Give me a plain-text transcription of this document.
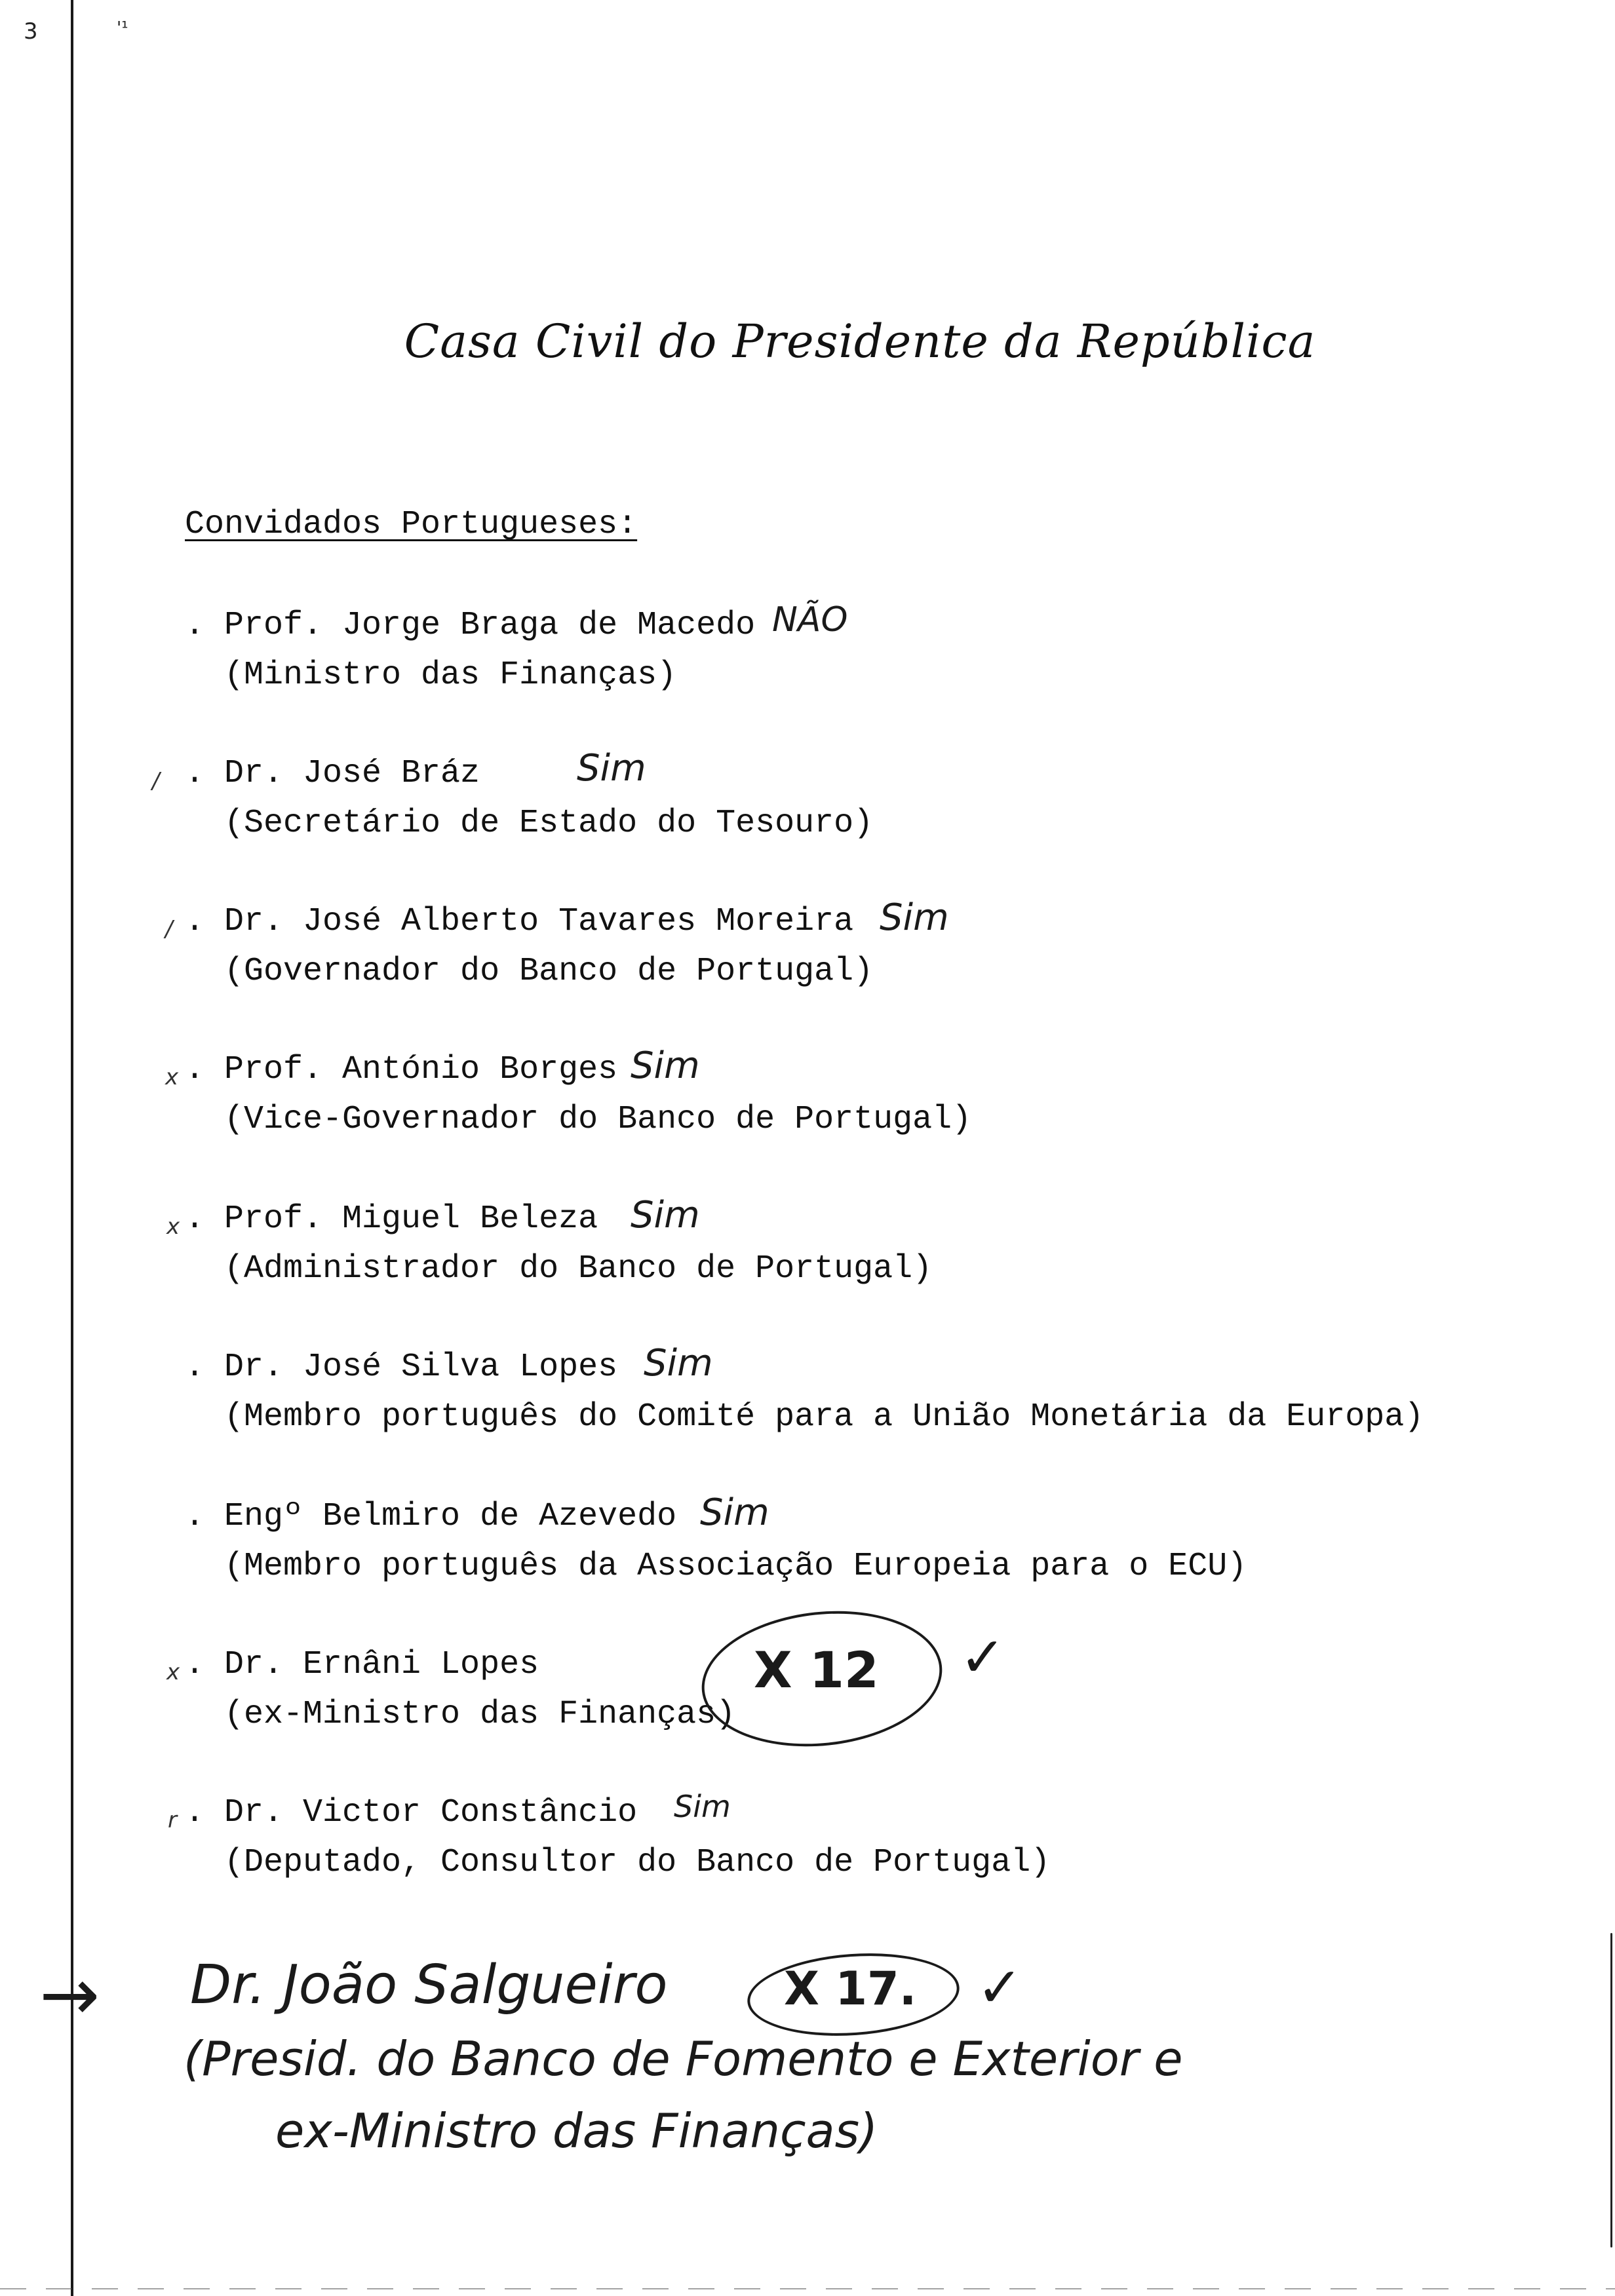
3	'¹
Casa Civil do Presidente da República
Convidados Portugueses:
. Prof. Jorge Braga de Macedo NÃO
(Ministro das Finanças)
/ . Dr. José Bráz	Sim
(Secretário de Estado do Tesouro)
/ . Dr. José Alberto Tavares Moreira Sim
(Governador do Banco de Portugal)
x . Prof. António Borges Sim
(Vice-Governador do Banco de Portugal)
x . Prof. Miguel Beleza Sim
(Administrador do Banco de Portugal)
. Dr. José Silva Lopes Sim
(Membro português do Comité para a União Monetária da Europa)
. Engº Belmiro de Azevedo Sim
(Membro português da Associação Europeia para o ECU)
x . Dr. Ernâni Lopes
(ex-Ministro das Finanças)
X 12 ✓
r . Dr. Victor Constâncio Sim
(Deputado, Consultor do Banco de Portugal)
→ Dr. João Salgueiro	X 17. ✓
(Presid. do Banco de Fomento e Exterior e
ex-Ministro das Finanças)
